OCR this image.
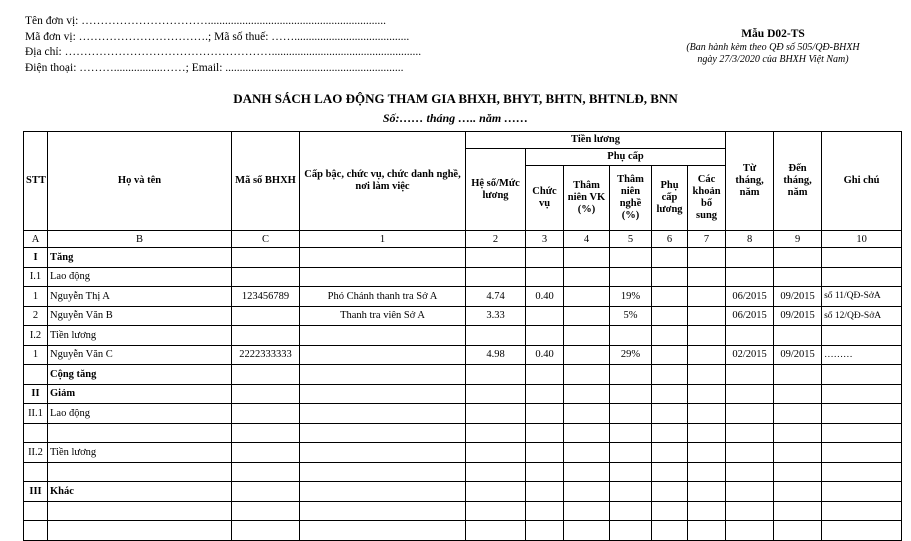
Tên đơn vị: ……………………………..............................................................
Mã đơn vị: …………………………….; Mã số thuế: ……........................................
Địa chỉ: ………………………………………………....................................................
Điện thoại: ……….................……; Email: ..............................................................
Mẫu D02-TS
(Ban hành kèm theo QĐ số 505/QĐ-BHXH
ngày 27/3/2020 của BHXH Việt Nam)
DANH SÁCH LAO ĐỘNG THAM GIA BHXH, BHYT, BHTN, BHTNLĐ, BNN
Số:…… tháng ….. năm ……
STT	Họ và tên	Mã số BHXH	Cấp bậc, chức vụ, chức danh nghề, nơi làm việc	Tiền lương						Từ tháng, năm	Đến tháng, năm	Ghi chú
				Hệ số/Mức lương	Phụ cấp							
					Chức vụ	Thâm niên VK (%)	Thâm niên nghề (%)	Phụ cấp lương	Các khoản bổ sung			
A	B	C	1	2	3	4	5	6	7	8	9	10
I	Tăng											
I.1	Lao động											
1	Nguyễn Thị A	123456789	Phó Chánh thanh tra Sở A	4.74	0.40		19%			06/2015	09/2015	số 11/QĐ-SởA
2	Nguyễn Văn B		Thanh tra viên Sở A	3.33			5%			06/2015	09/2015	số 12/QĐ-SởA
I.2	Tiền lương											
1	Nguyễn Văn C	2222333333		4.98	0.40		29%			02/2015	09/2015	………
	Cộng tăng											
II	Giảm											
II.1	Lao động											

II.2	Tiền lương											

III	Khác											
